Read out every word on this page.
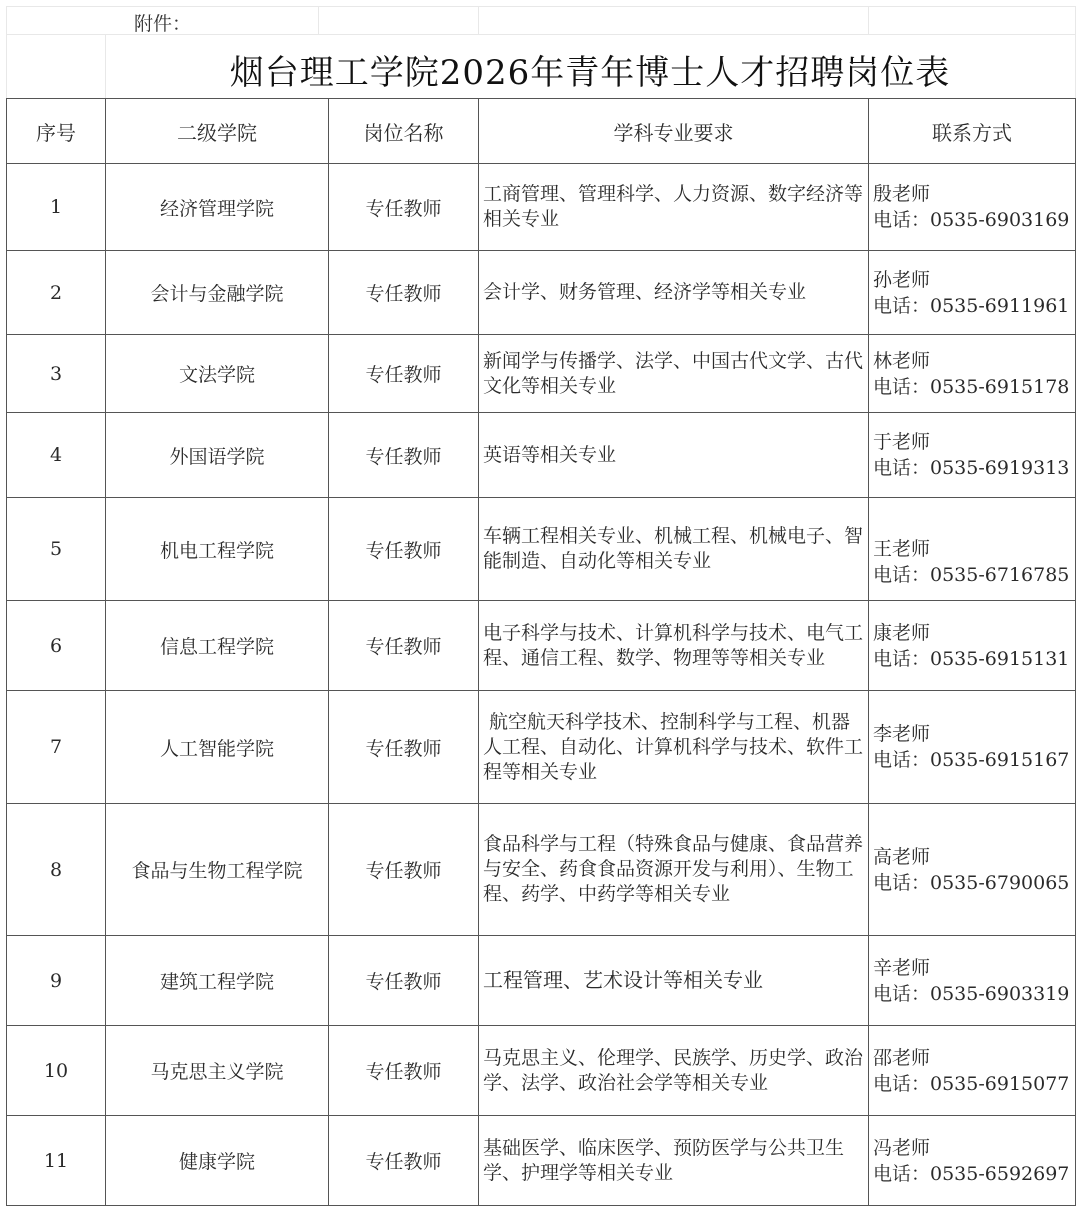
附件：
烟台理工学院2026年青年博士人才招聘岗位表
序号	二级学院	岗位名称	学科专业要求	联系方式
1	经济管理学院	专任教师	工商管理、管理科学、人力资源、数字经济等相关专业	殷老师
电话：0535-6903169

2	会计与金融学院	专任教师	会计学、财务管理、经济学等相关专业	孙老师
电话：0535-6911961

3	文法学院	专任教师	新闻学与传播学、法学、中国古代文学、古代文化等相关专业	林老师
电话：0535-6915178

4	外国语学院	专任教师	英语等相关专业	于老师
电话：0535-6919313

5	机电工程学院	专任教师	车辆工程相关专业、机械工程、机械电子、智能制造、自动化等相关专业	王老师
电话：0535-6716785

6	信息工程学院	专任教师	电子科学与技术、计算机科学与技术、电气工程、通信工程、数学、物理等等相关专业	康老师
电话：0535-6915131

7	人工智能学院	专任教师	航空航天科学技术、控制科学与工程、机器人工程、自动化、计算机科学与技术、软件工程等相关专业	李老师
电话：0535-6915167

8	食品与生物工程学院	专任教师	食品科学与工程（特殊食品与健康、食品营养与安全、药食食品资源开发与利用）、生物工程、药学、中药学等相关专业	高老师
电话：0535-6790065

9	建筑工程学院	专任教师	工程管理、艺术设计等相关专业	辛老师
电话：0535-6903319

10	马克思主义学院	专任教师	马克思主义、伦理学、民族学、历史学、政治学、法学、政治社会学等相关专业	邵老师
电话：0535-6915077

11	健康学院	专任教师	基础医学、临床医学、预防医学与公共卫生学、护理学等相关专业	冯老师
电话：0535-6592697
